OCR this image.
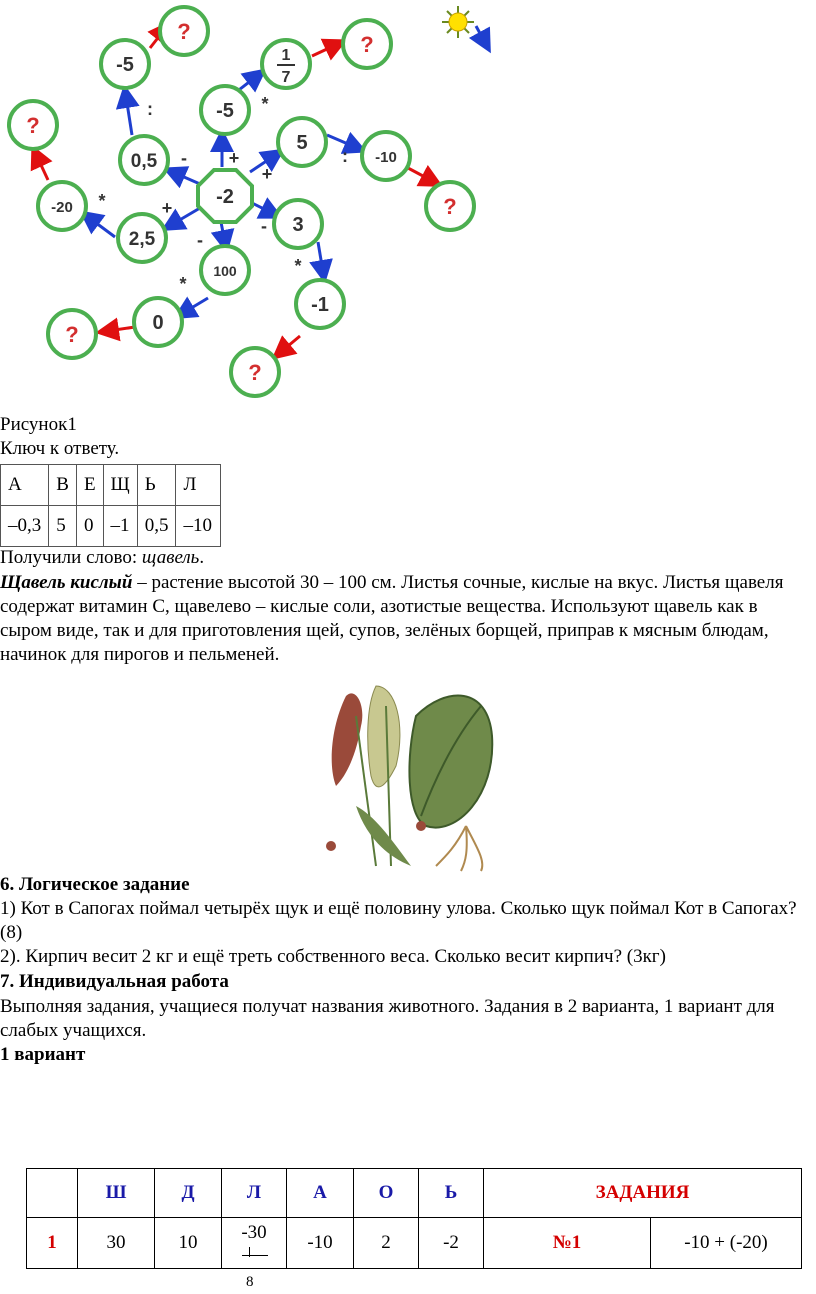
-2
-5
?
1
7
?
-5
?
0,5
5
-10
-20	?
2,5
3
100
-1
0
?
?
:	*
- +
+
:
*	+
-
-
*
*
Рисунок1
Ключ к ответу.
А	В	Е	Щ	Ь	Л
–0,3	5	0	–1	0,5	–10
Получили слово: щавель.
Щавель кислый – растение высотой 30 – 100 см. Листья сочные, кислые на вкус. Листья щавеля содержат витамин С, щавелево – кислые соли, азотистые вещества. Используют щавель как в сыром виде, так и для приготовления щей, супов, зелёных борщей, приправ к мясным блюдам, начинок для пирогов и пельменей.
6. Логическое задание
1) Кот в Сапогах поймал четырёх щук и ещё половину улова. Сколько щук поймал Кот в Сапогах? (8)
2). Кирпич весит 2 кг и ещё треть собственного веса. Сколько весит кирпич? (3кг)
7. Индивидуальная работа
Выполняя задания, учащиеся получат названия животного. Задания в 2 варианта, 1 вариант для слабых учащихся.
1 вариант
	Ш	Д	Л	А	О	Ь	ЗАДАНИЯ	
1	30	10	-30	-10	2	-2	№1	-10 + (-20)
8
